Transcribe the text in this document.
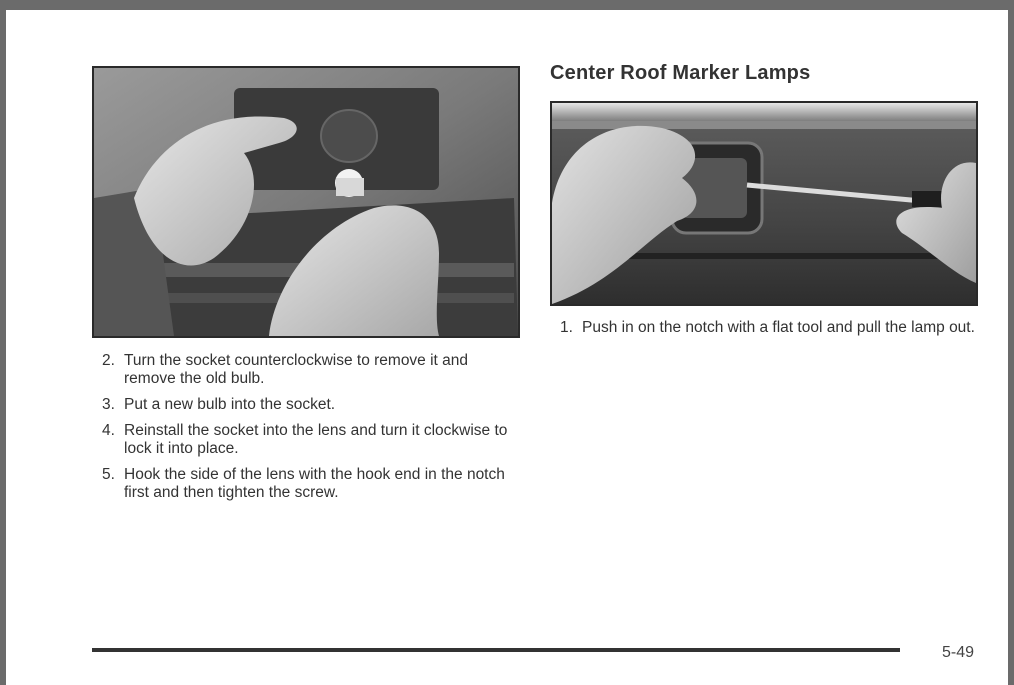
Center Roof Marker Lamps
2. Turn the socket counterclockwise to remove it and remove the old bulb.
3. Put a new bulb into the socket.
4. Reinstall the socket into the lens and turn it clockwise to lock it into place.
5. Hook the side of the lens with the hook end in the notch first and then tighten the screw.
1. Push in on the notch with a flat tool and pull the lamp out.
5-49
